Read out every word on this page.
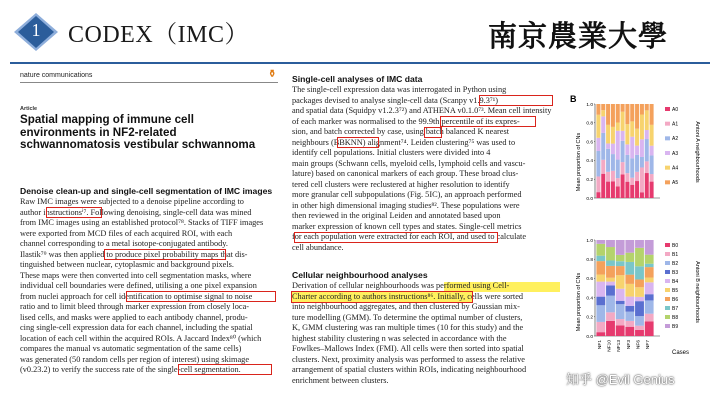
1	CODEX（IMC）	南京農業大學
nature communications	⚱
Article
Spatial mapping of immune cell
environments in NF2-related
schwannomatosis vestibular schwannoma
Denoise clean-up and single-cell segmentation of IMC images
Raw IMC images were subjected to a denoise pipeline according to
author instructionsⁱ⁷. Following denoising, single-cell data was mined
from IMC images using an established protocol⁷⁸. Stacks of TIFF images
were exported from MCD files of each acquired ROI, with each
channel corresponding to a metal isotope-conjugated antibody.
Ilastik⁷⁹ was then applied to produce pixel probability maps that dis-
tinguished between nuclear, cytoplasmic and background pixels.
These maps were then converted into cell segmentation masks, where
individual cell boundaries were defined, utilising a one pixel expansion
from nuclei approach for cell identification to optimise signal to noise
ratio and to limit bleed through marker expression from closely loca-
lised cells, and masks were applied to each antibody channel, produ-
cing single-cell expression data for each channel, including the spatial
location of each cell within the acquired ROIs. A Jaccard Index⁸⁰ (which
compares the manual vs automatic segmentation of the same cells)
was generated (50 random cells per region of interest) using skimage
(v0.23.2) to verify the success rate of the single-cell segmentation.
Single-cell analyses of IMC data
The single-cell expression data was interrogated in Python using
packages devised to analyse single-cell data (Scanpy v1.9.3⁷¹)
and spatial data (Squidpy v1.2.3⁷²) and ATHENA v0.1.0⁷³. Mean cell intensity
of each marker was normalised to the 99.9th percentile of its expres-
sion, and batch corrected by case, using batch balanced K nearest
neighbours (BBKNN) alignment⁷⁴. Leiden clustering⁷⁵ was used to
identify cell populations. Initial clusters were divided into 4
main groups (Schwann cells, myeloid cells, lymphoid cells and vascu-
lature) based on canonical markers of each group. These broad clus-
tered cell clusters were reclustered at higher resolution to identify
more granular cell subpopulations (Fig. 5IC), an approach performed
in other high dimensional imaging studies⁸². These populations were
then reviewed in the original Leiden and annotated based upon
marker expression of known cell types and states. Single-cell metrics
for each population were extracted for each ROI, and used to calculate
cell abundance.
Cellular neighbourhood analyses
Derivation of cellular neighbourhoods was performed using Cell-
Charter according to authors instructions⁸⁶. Initially, cells were sorted
into neighbourhood aggregates, and then clustered by Gaussian mix-
ture modelling (GMM). To determine the optimal number of clusters,
K, GMM clustering was ran multiple times (10 for this study) and the
highest stability clustering n was selected in accordance with the
Fowlkes–Mallows Index (FMI). All cells were then sorted into spatial
clusters. Next, proximity analysis was performed to assess the relative
arrangement of spatial clusters within ROIs, indicating neighbourhood
enrichment between clusters.
B
Mean proportion of CNs
1.0
0.8
0.6
0.4
0.2
0.0
A0
A1
A2
A3
A4
A5
Antoni A neighbourhoods
Mean proportion of CNs
1.0
0.8
0.6
0.4
0.2
0.0
NF1 NF10 NF13 NF3 NF6 NF7
B0
B1
B2
B3
B4
B5
B6
B7
B8
B9
Antoni B neighbourhoods
Cases
知乎 @Evil Genius
